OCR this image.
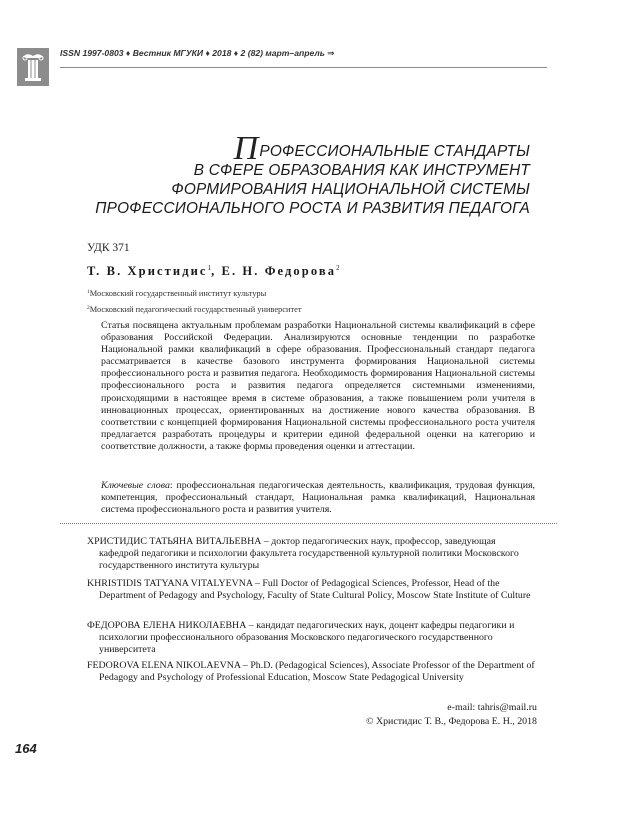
ISSN 1997-0803 ♦ Вестник МГУКИ ♦ 2018 ♦ 2 (82) март–апрель ⇒
ПРОФЕССИОНАЛЬНЫЕ СТАНДАРТЫ
В СФЕРЕ ОБРАЗОВАНИЯ КАК ИНСТРУМЕНТ
ФОРМИРОВАНИЯ НАЦИОНАЛЬНОЙ СИСТЕМЫ
ПРОФЕССИОНАЛЬНОГО РОСТА И РАЗВИТИЯ ПЕДАГОГА
УДК 371
Т. В. Христидис$^1$, Е. Н. Федорова$^2$
$^1$Московский государственный институт культуры
$^2$Московский педагогический государственный университет
Статья посвящена актуальным проблемам разработки Национальной системы квалификаций в сфере образования Российской Федерации. Анализируются основные тенденции по разработке Национальной рамки квалификаций в сфере образования. Профессиональный стандарт педагога рассматривается в качестве базового инструмента формирования Национальной системы профессионального роста и развития педагога. Необходимость формирования Национальной системы профессионального роста и развития педагога определяется системными изменениями, происходящими в настоящее время в системе образования, а также повышением роли учителя в инновационных процессах, ориентированных на достижение нового качества образования. В соответствии с концепцией формирования Национальной системы профессионального роста учителя предлагается разработать процедуры и критерии единой федеральной оценки на категорию и соответствие должности, а также формы проведения оценки и аттестации.
Ключевые слова: профессиональная педагогическая деятельность, квалификация, трудовая функция, компетенция, профессиональный стандарт, Национальная рамка квалификаций, Национальная система профессионального роста и развития учителя.
ХРИСТИДИС ТАТЬЯНА ВИТАЛЬЕВНА – доктор педагогических наук, профессор, заведующая кафедрой педагогики и психологии факультета государственной культурной политики Московского государственного института культуры
KHRISTIDIS TATYANA VITALYEVNA – Full Doctor of Pedagogical Sciences, Professor, Head of the Department of Pedagogy and Psychology, Faculty of State Cultural Policy, Moscow State Institute of Culture
ФЕДОРОВА ЕЛЕНА НИКОЛАЕВНА – кандидат педагогических наук, доцент кафедры педагогики и психологии профессионального образования Московского педагогического государственного университета
FEDOROVA ELENA NIKOLAEVNA – Ph.D. (Pedagogical Sciences), Associate Professor of the Department of Pedagogy and Psychology of Professional Education, Moscow State Pedagogical University
e-mail: tahris@mail.ru
© Христидис Т. В., Федорова Е. Н., 2018
164
